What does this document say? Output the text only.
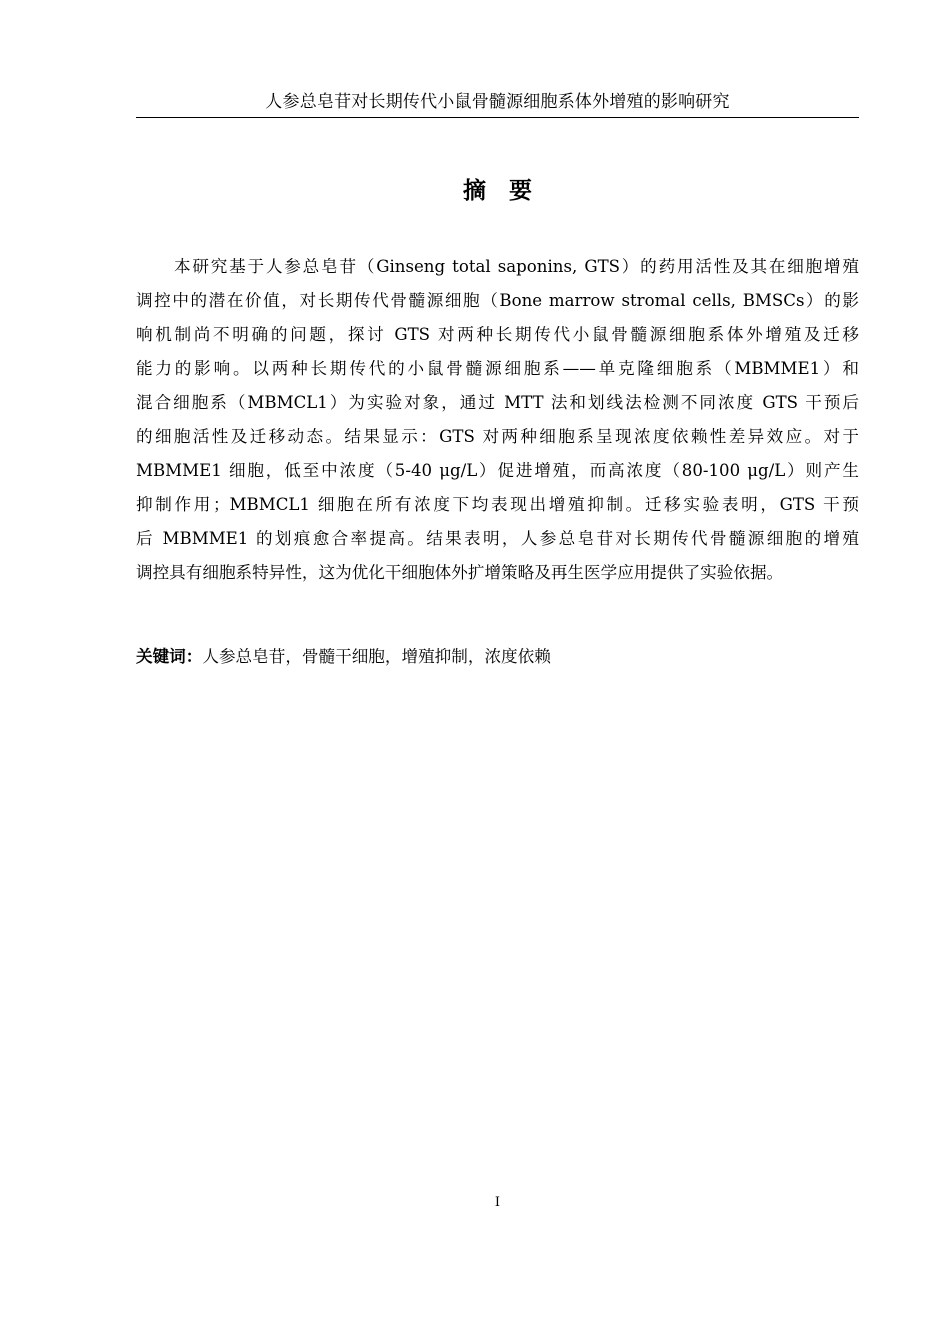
人参总皂苷对长期传代小鼠骨髓源细胞系体外增殖的影响研究
摘　要
本研究基于人参总皂苷（Ginseng total saponins, GTS）的药用活性及其在细胞增殖
调控中的潜在价值，对长期传代骨髓源细胞（Bone marrow stromal cells, BMSCs）的影
响机制尚不明确的问题，探讨 GTS 对两种长期传代小鼠骨髓源细胞系体外增殖及迁移
能力的影响。以两种长期传代的小鼠骨髓源细胞系——单克隆细胞系（MBMME1）和
混合细胞系（MBMCL1）为实验对象，通过 MTT 法和划线法检测不同浓度 GTS 干预后
的细胞活性及迁移动态。结果显示：GTS 对两种细胞系呈现浓度依赖性差异效应。对于
MBMME1 细胞，低至中浓度（5-40 μg/L）促进增殖，而高浓度（80-100 μg/L）则产生
抑制作用；MBMCL1 细胞在所有浓度下均表现出增殖抑制。迁移实验表明，GTS 干预
后 MBMME1 的划痕愈合率提高。结果表明，人参总皂苷对长期传代骨髓源细胞的增殖
调控具有细胞系特异性，这为优化干细胞体外扩增策略及再生医学应用提供了实验依据。
关键词：人参总皂苷，骨髓干细胞，增殖抑制，浓度依赖
I
